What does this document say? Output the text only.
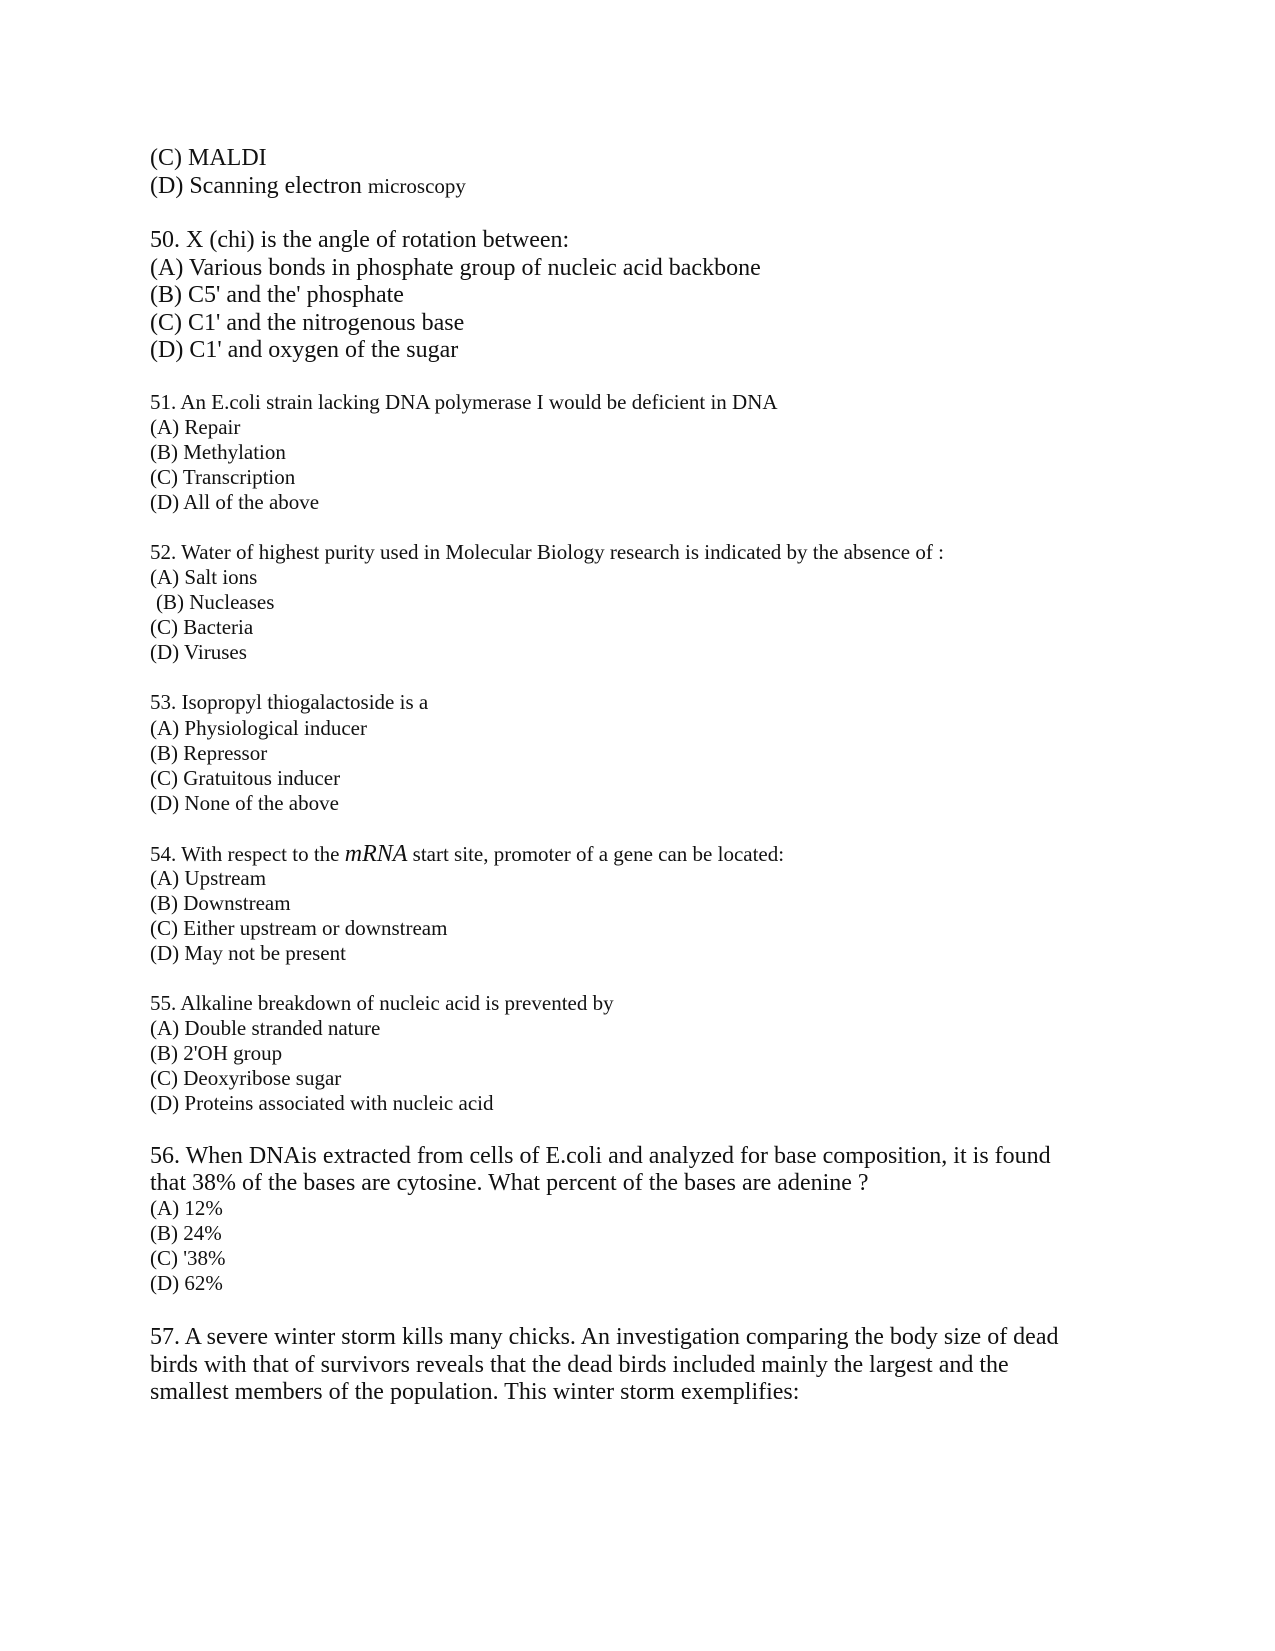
(C) MALDI
(D) Scanning electron microscopy
50. X (chi) is the angle of rotation between:
(A) Various bonds in phosphate group of nucleic acid backbone
(B) C5' and the' phosphate
(C) C1' and the nitrogenous base
(D) C1' and oxygen of the sugar
51. An E.coli strain lacking DNA polymerase I would be deficient in DNA
(A) Repair
(B) Methylation
(C) Transcription
(D) All of the above
52. Water of highest purity used in Molecular Biology research is indicated by the absence of :
(A) Salt ions
(B) Nucleases
(C) Bacteria
(D) Viruses
53. Isopropyl thiogalactoside is a
(A) Physiological inducer
(B) Repressor
(C) Gratuitous inducer
(D) None of the above
54. With respect to the mRNA start site, promoter of a gene can be located:
(A) Upstream
(B) Downstream
(C) Either upstream or downstream
(D) May not be present
55. Alkaline breakdown of nucleic acid is prevented by
(A) Double stranded nature
(B) 2'OH group
(C) Deoxyribose sugar
(D) Proteins associated with nucleic acid
56. When DNAis extracted from cells of E.coli and analyzed for base composition, it is found
that 38% of the bases are cytosine. What percent of the bases are adenine ?
(A) 12%
(B) 24%
(C) '38%
(D) 62%
57. A severe winter storm kills many chicks. An investigation comparing the body size of dead
birds with that of survivors reveals that the dead birds included mainly the largest and the
smallest members of the population. This winter storm exemplifies:
